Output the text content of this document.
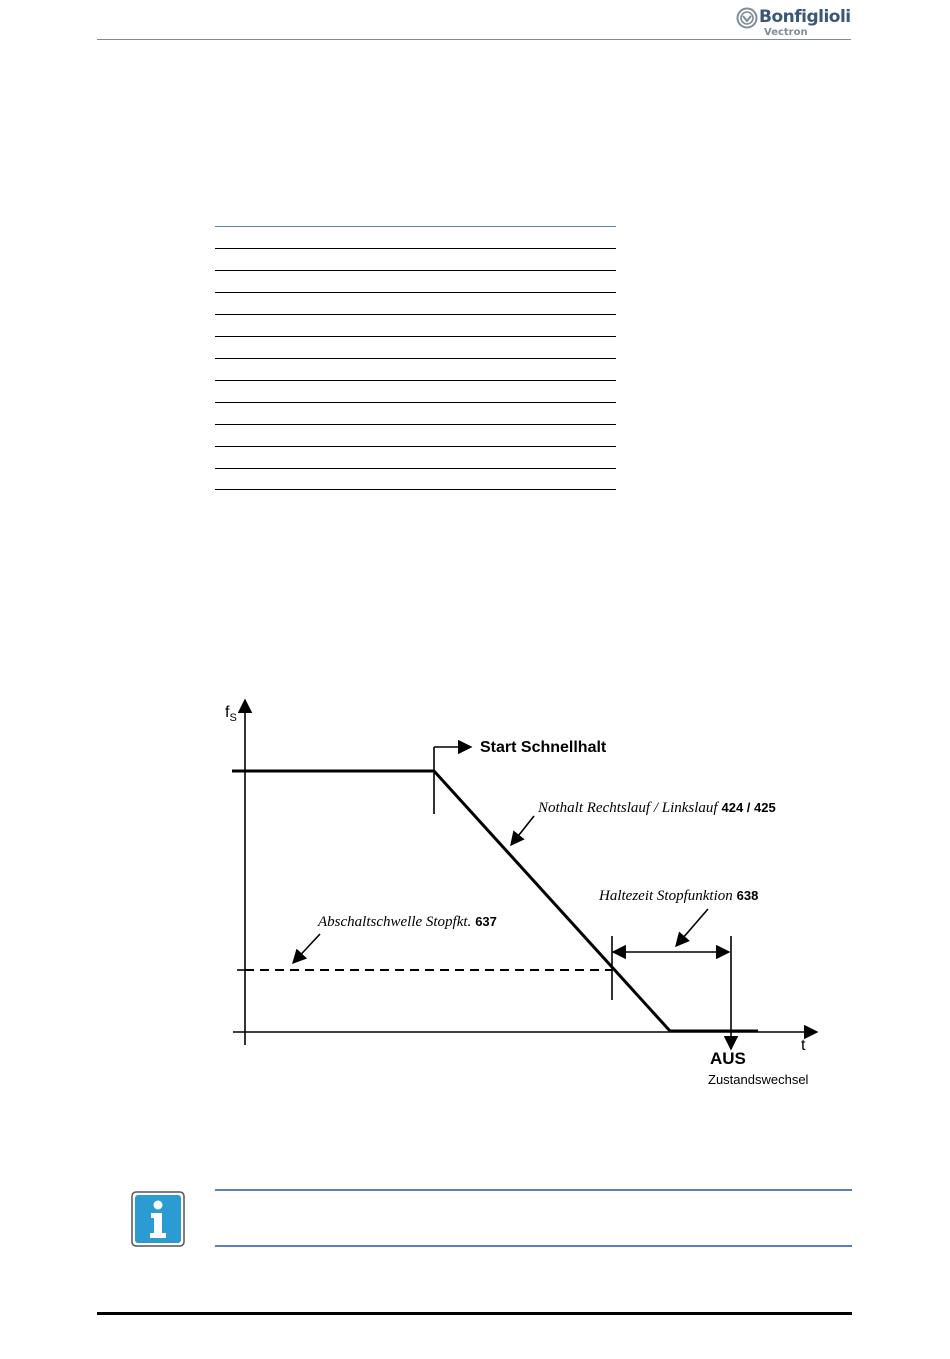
Bonfiglioli
Vectron
$f_S$
t
Start Schnellhalt
Nothalt Rechtslauf / Linkslauf 424 / 425
Haltezeit Stopfunktion 638
Abschaltschwelle Stopfkt. 637
AUS
Zustandswechsel
